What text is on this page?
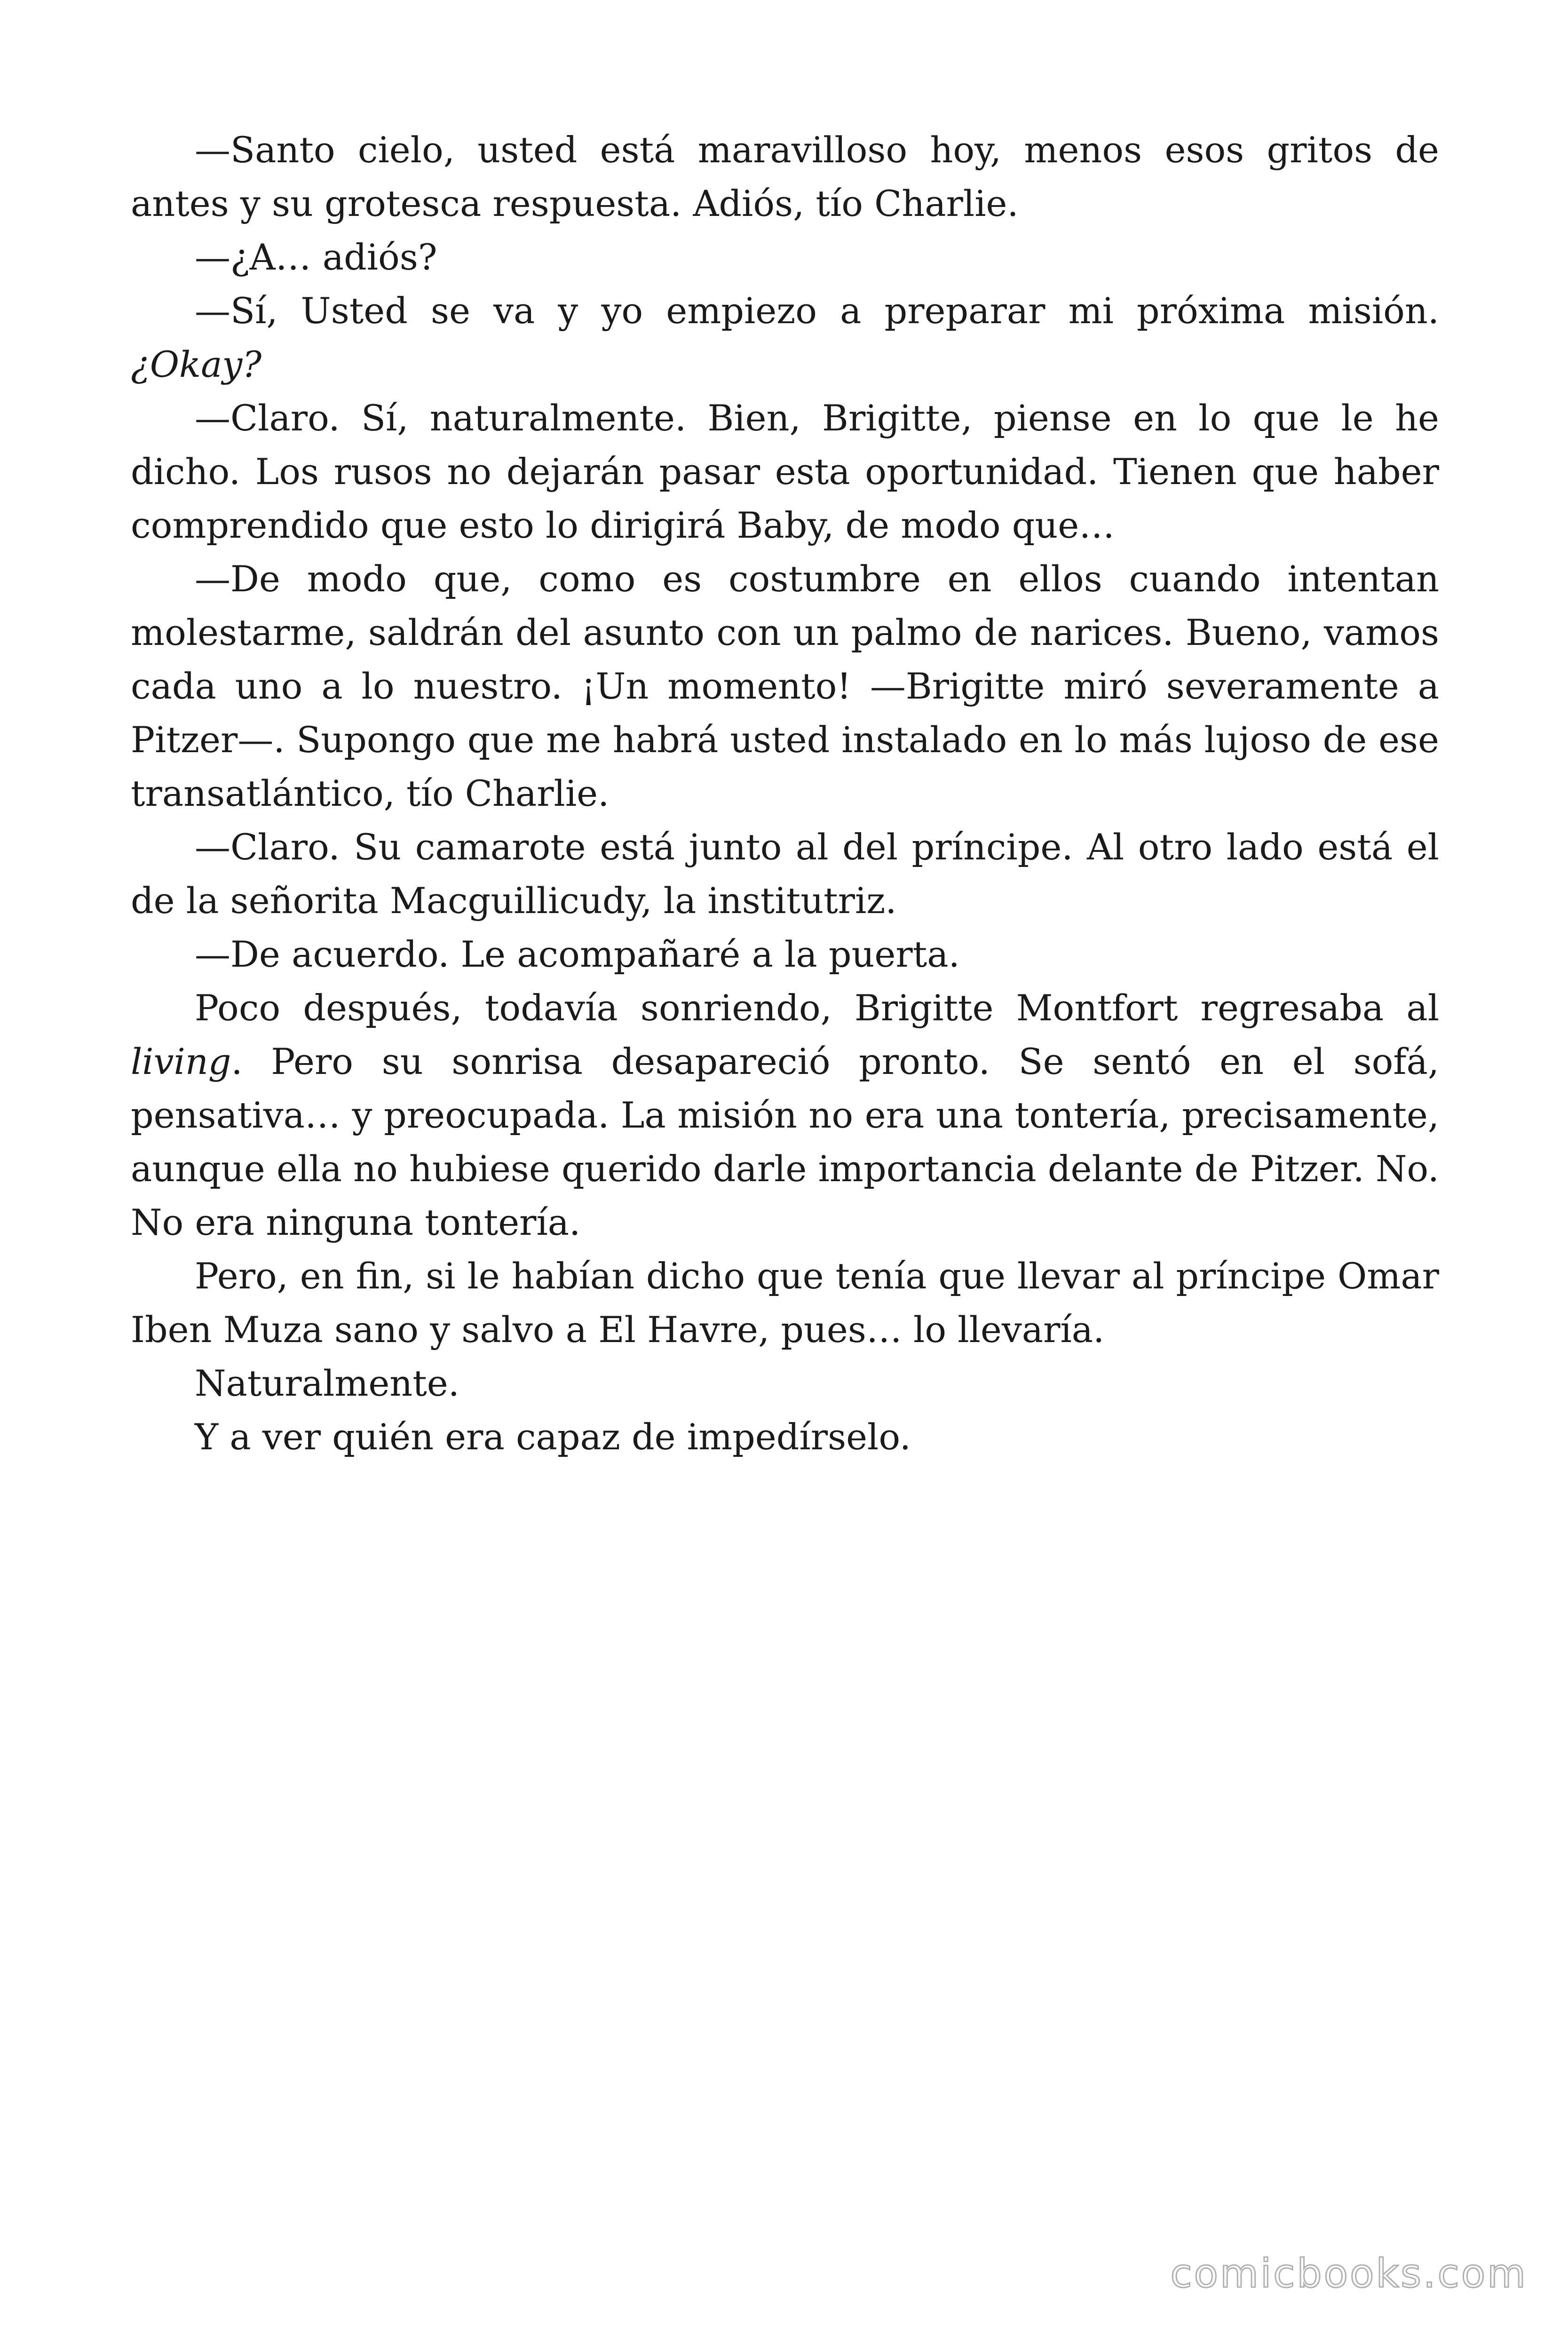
—Santo cielo, usted está maravilloso hoy, menos esos gritos de antes y su grotesca respuesta. Adiós, tío Charlie.

—¿A… adiós?

—Sí, Usted se va y yo empiezo a preparar mi próxima misión. ¿Okay?

—Claro. Sí, naturalmente. Bien, Brigitte, piense en lo que le he dicho. Los rusos no dejarán pasar esta oportunidad. Tienen que haber comprendido que esto lo dirigirá Baby, de modo que…

—De modo que, como es costumbre en ellos cuando intentan molestarme, saldrán del asunto con un palmo de narices. Bueno, vamos cada uno a lo nuestro. ¡Un momento! —Brigitte miró severamente a Pitzer—. Supongo que me habrá usted instalado en lo más lujoso de ese transatlántico, tío Charlie.

—Claro. Su camarote está junto al del príncipe. Al otro lado está el de la señorita Macguillicudy, la institutriz.

—De acuerdo. Le acompañaré a la puerta.

Poco después, todavía sonriendo, Brigitte Montfort regresaba al living. Pero su sonrisa desapareció pronto. Se sentó en el sofá, pensativa… y preocupada. La misión no era una tontería, precisamente, aunque ella no hubiese querido darle importancia delante de Pitzer. No. No era ninguna tontería.

Pero, en fin, si le habían dicho que tenía que llevar al príncipe Omar Iben Muza sano y salvo a El Havre, pues… lo llevaría.

Naturalmente.

Y a ver quién era capaz de impedírselo.

comicbooks.com
